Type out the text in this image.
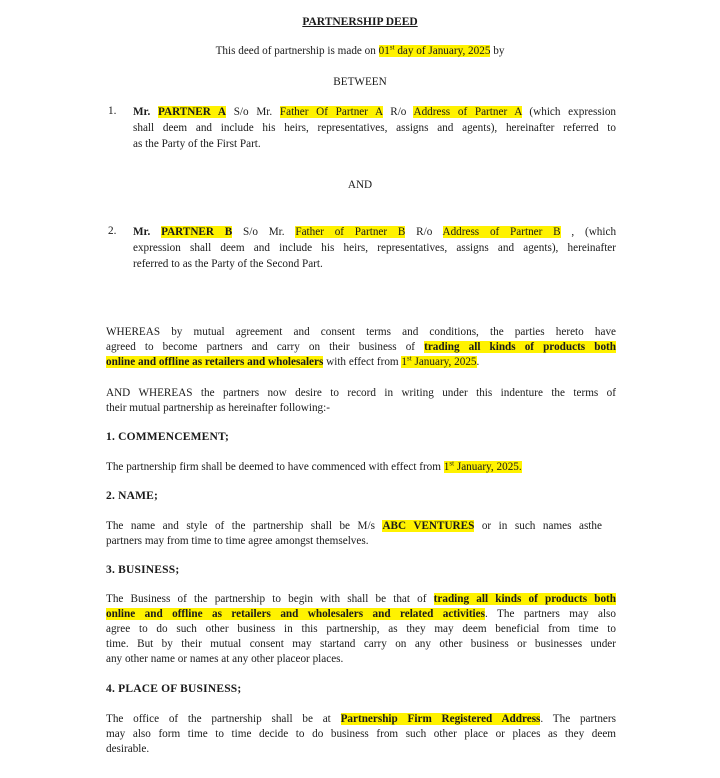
PARTNERSHIP DEED
This deed of partnership is made on 01st day of January, 2025 by
BETWEEN
1. Mr. PARTNER A S/o Mr. Father Of Partner A R/o Address of Partner A (which expression
shall deem and include his heirs, representatives, assigns and agents), hereinafter referred to
as the Party of the First Part.
AND
2. Mr. PARTNER B S/o Mr. Father of Partner B R/o Address of Partner B , (which
expression shall deem and include his heirs, representatives, assigns and agents), hereinafter
referred to as the Party of the Second Part.
WHEREAS by mutual agreement and consent terms and conditions, the parties hereto have
agreed to become partners and carry on their business of trading all kinds of products both
online and offline as retailers and wholesalers with effect from 1st January, 2025.
AND WHEREAS the partners now desire to record in writing under this indenture the terms of
their mutual partnership as hereinafter following:-
1. COMMENCEMENT;
The partnership firm shall be deemed to have commenced with effect from 1st January, 2025.
2. NAME;
The name and style of the partnership shall be M/s ABC VENTURES or in such names asthe
partners may from time to time agree amongst themselves.
3. BUSINESS;
The Business of the partnership to begin with shall be that of trading all kinds of products both
online and offline as retailers and wholesalers and related activities. The partners may also
agree to do such other business in this partnership, as they may deem beneficial from time to
time. But by their mutual consent may startand carry on any other business or businesses under
any other name or names at any other placeor places.
4. PLACE OF BUSINESS;
The office of the partnership shall be at Partnership Firm Registered Address. The partners
may also form time to time decide to do business from such other place or places as they deem
desirable.
